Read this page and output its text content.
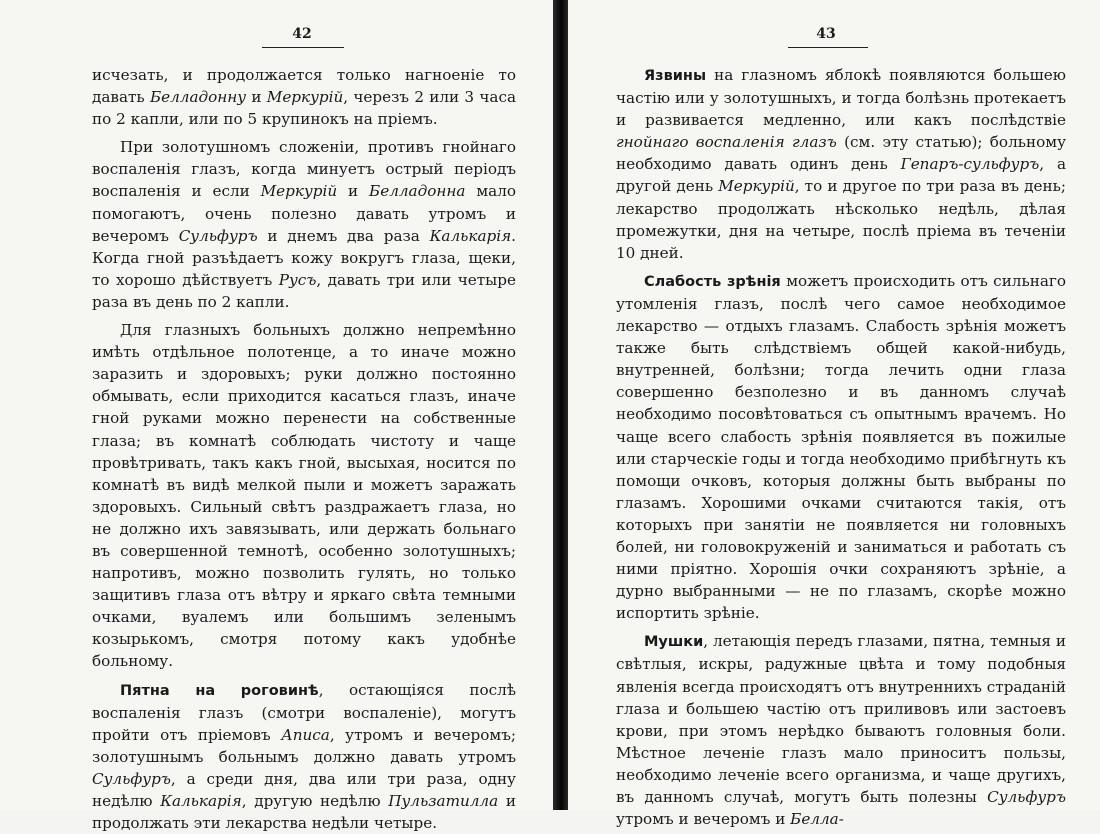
42

исчезать, и продолжается только нагноеніе то давать Белладонну и Меркурій, черезъ 2 или 3 часа по 2 капли, или по 5 крупинокъ на пріемъ.

При золотушномъ сложеніи, противъ гнойнаго воспаленія глазъ, когда минуетъ острый періодъ воспаленія и если Меркурій и Белладонна мало помогаютъ, очень полезно давать утромъ и вечеромъ Сульфуръ и днемъ два раза Калькарія. Когда гной разъѣдаетъ кожу вокругъ глаза, щеки, то хорошо дѣйствуетъ Русъ, давать три или четыре раза въ день по 2 капли.

Для глазныхъ больныхъ должно непремѣнно имѣть отдѣльное полотенце, а то иначе можно заразить и здоровыхъ; руки должно постоянно обмывать, если приходится касаться глазъ, иначе гной руками можно перенести на собственные глаза; въ комнатѣ соблюдать чистоту и чаще провѣтривать, такъ какъ гной, высыхая, носится по комнатѣ въ видѣ мелкой пыли и можетъ заражать здоровыхъ. Сильный свѣтъ раздражаетъ глаза, но не должно ихъ завязывать, или держать больнаго въ совершенной темнотѣ, особенно золотушныхъ; напротивъ, можно позволить гулять, но только защитивъ глаза отъ вѣтру и яркаго свѣта темными очками, вуалемъ или большимъ зеленымъ козырькомъ, смотря потому какъ удобнѣе больному.

Пятна на роговинѣ, остающіяся послѣ воспаленія глазъ (смотри воспаленіе), могутъ пройти отъ пріемовъ Аписа, утромъ и вечеромъ; золотушнымъ больнымъ должно давать утромъ Сульфуръ, а среди дня, два или три раза, одну недѣлю Калькарія, другую недѣлю Пульзатилла и продолжать эти лекарства недѣли четыре.

43

Язвины на глазномъ яблокѣ появляются большею частію или у золотушныхъ, и тогда болѣзнь протекаетъ и развивается медленно, или какъ послѣдствіе гнойнаго воспаленія глазъ (см. эту статью); больному необходимо давать одинъ день Гепаръ-сульфуръ, а другой день Меркурій, то и другое по три раза въ день; лекарство продолжать нѣсколько недѣль, дѣлая промежутки, дня на четыре, послѣ пріема въ теченіи 10 дней.

Слабость зрѣнія можетъ происходить отъ сильнаго утомленія глазъ, послѣ чего самое необходимое лекарство — отдыхъ глазамъ. Слабость зрѣнія можетъ также быть слѣдствіемъ общей какой-нибудь, внутренней, болѣзни; тогда лечить одни глаза совершенно безполезно и въ данномъ случаѣ необходимо посовѣтоваться съ опытнымъ врачемъ. Но чаще всего слабость зрѣнія появляется въ пожилые или старческіе годы и тогда необходимо прибѣгнуть къ помощи очковъ, которыя должны быть выбраны по глазамъ. Хорошими очками считаются такія, отъ которыхъ при занятіи не появляется ни головныхъ болей, ни головокруженій и заниматься и работать съ ними пріятно. Хорошія очки сохраняютъ зрѣніе, а дурно выбранными — не по глазамъ, скорѣе можно испортить зрѣніе.

Мушки, летающія передъ глазами, пятна, темныя и свѣтлыя, искры, радужные цвѣта и тому подобныя явленія всегда происходятъ отъ внутреннихъ страданій глаза и большею частію отъ приливовъ или застоевъ крови, при этомъ нерѣдко бываютъ головныя боли. Мѣстное леченіе глазъ мало приноситъ пользы, необходимо леченіе всего организма, и чаще другихъ, въ данномъ случаѣ, могутъ быть полезны Сульфуръ утромъ и вечеромъ и Белла-
